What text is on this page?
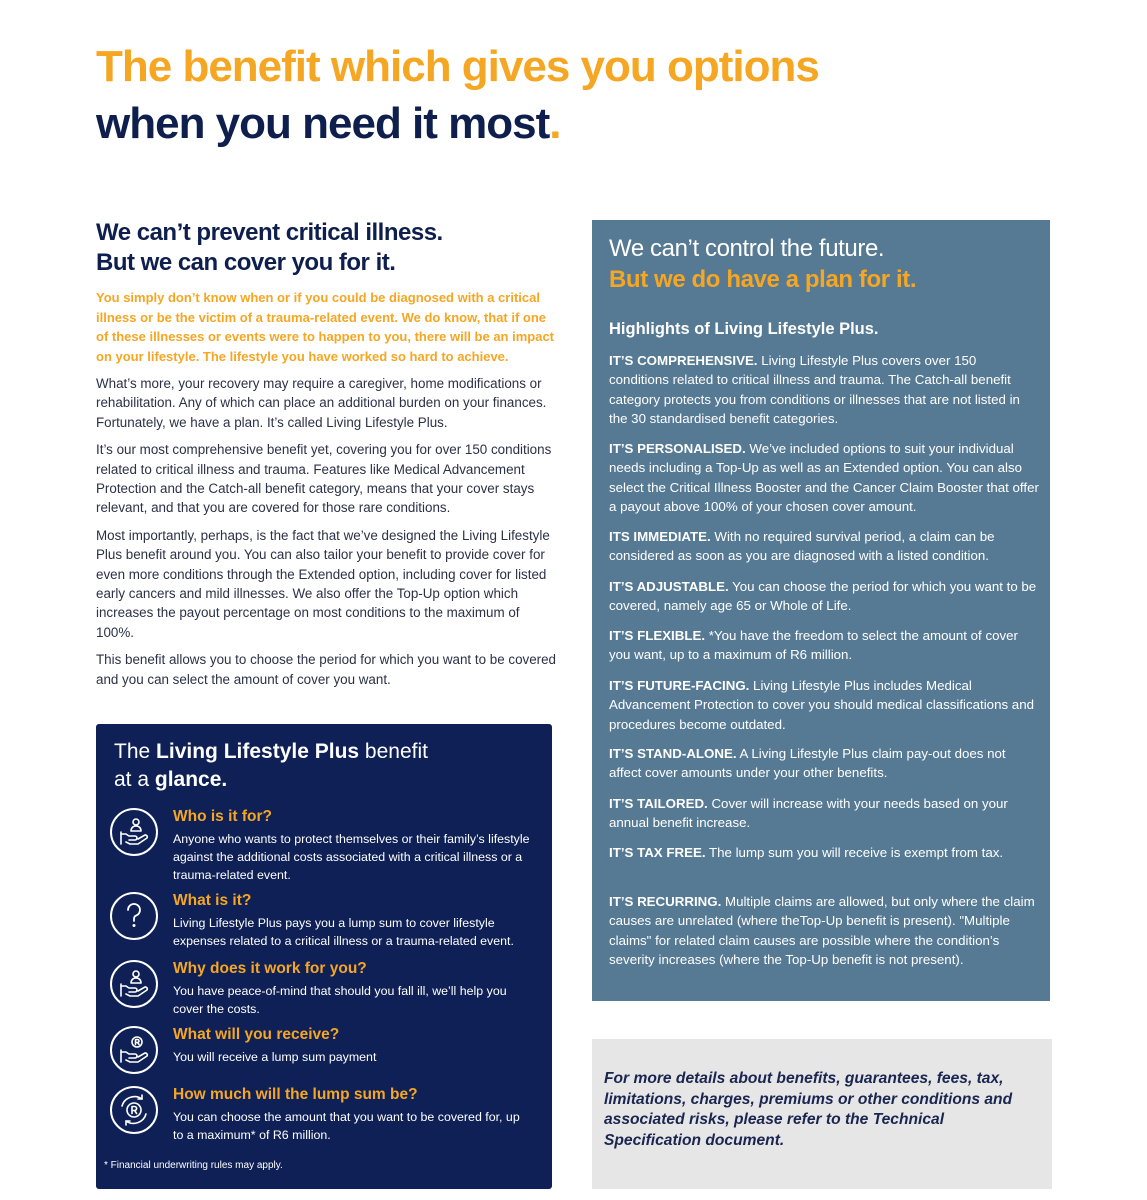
The benefit which gives you options
when you need it most.
We can’t prevent critical illness.
But we can cover you for it.

You simply don’t know when or if you could be diagnosed with a critical illness or be the victim of a trauma-related event. We do know, that if one of these illnesses or events were to happen to you, there will be an impact on your lifestyle. The lifestyle you have worked so hard to achieve.

What’s more, your recovery may require a caregiver, home modifications or rehabilitation. Any of which can place an additional burden on your finances. Fortunately, we have a plan. It’s called Living Lifestyle Plus.

It’s our most comprehensive benefit yet, covering you for over 150 conditions related to critical illness and trauma. Features like Medical Advancement Protection and the Catch-all benefit category, means that your cover stays relevant, and that you are covered for those rare conditions.

Most importantly, perhaps, is the fact that we’ve designed the Living Lifestyle Plus benefit around you. You can also tailor your benefit to provide cover for even more conditions through the Extended option, including cover for listed early cancers and mild illnesses. We also offer the Top-Up option which increases the payout percentage on most conditions to the maximum of 100%.

This benefit allows you to choose the period for which you want to be covered and you can select the amount of cover you want.

The Living Lifestyle Plus benefit
at a glance.
Who is it for?
Anyone who wants to protect themselves or their family’s lifestyle against the additional costs associated with a critical illness or a trauma-related event.
What is it?
Living Lifestyle Plus pays you a lump sum to cover lifestyle expenses related to a critical illness or a trauma-related event.
Why does it work for you?
You have peace-of-mind that should you fall ill, we’ll help you cover the costs.
What will you receive?
You will receive a lump sum payment
How much will the lump sum be?
You can choose the amount that you want to be covered for, up to a maximum* of R6 million.
* Financial underwriting rules may apply.
We can’t control the future.
But we do have a plan for it.
Highlights of Living Lifestyle Plus.
IT’S COMPREHENSIVE. Living Lifestyle Plus covers over 150 conditions related to critical illness and trauma. The Catch-all benefit category protects you from conditions or illnesses that are not listed in the 30 standardised benefit categories.
IT’S PERSONALISED. We’ve included options to suit your individual needs including a Top-Up as well as an Extended option. You can also select the Critical Illness Booster and the Cancer Claim Booster that offer a payout above 100% of your chosen cover amount.
ITS IMMEDIATE. With no required survival period, a claim can be considered as soon as you are diagnosed with a listed condition.
IT’S ADJUSTABLE. You can choose the period for which you want to be covered, namely age 65 or Whole of Life.
IT’S FLEXIBLE. *You have the freedom to select the amount of cover you want, up to a maximum of R6 million.
IT’S FUTURE-FACING. Living Lifestyle Plus includes Medical Advancement Protection to cover you should medical classifications and procedures become outdated.
IT’S STAND-ALONE. A Living Lifestyle Plus claim pay-out does not affect cover amounts under your other benefits.
IT’S TAILORED. Cover will increase with your needs based on your annual benefit increase.
IT’S TAX FREE. The lump sum you will receive is exempt from tax.
IT’S RECURRING. Multiple claims are allowed, but only where the claim causes are unrelated (where theTop-Up benefit is present). "Multiple claims" for related claim causes are possible where the condition’s severity increases (where the Top-Up benefit is not present).

For more details about benefits, guarantees, fees, tax, limitations, charges, premiums or other conditions and associated risks, please refer to the Technical Specification document.
